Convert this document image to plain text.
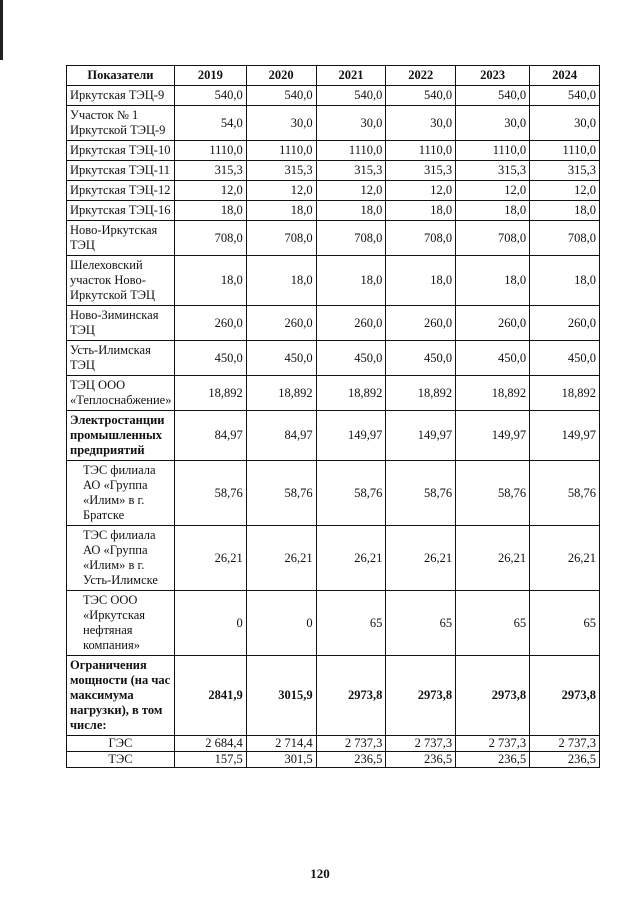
Показатели	2019	2020	2021	2022	2023	2024
Иркутская ТЭЦ-9	540,0	540,0	540,0	540,0	540,0	540,0
Участок № 1 Иркутской ТЭЦ-9	54,0	30,0	30,0	30,0	30,0	30,0
Иркутская ТЭЦ-10	1110,0	1110,0	1110,0	1110,0	1110,0	1110,0
Иркутская ТЭЦ-11	315,3	315,3	315,3	315,3	315,3	315,3
Иркутская ТЭЦ-12	12,0	12,0	12,0	12,0	12,0	12,0
Иркутская ТЭЦ-16	18,0	18,0	18,0	18,0	18,0	18,0
Ново-Иркутская ТЭЦ	708,0	708,0	708,0	708,0	708,0	708,0
Шелеховский участок Ново-Иркутской ТЭЦ	18,0	18,0	18,0	18,0	18,0	18,0
Ново-Зиминская ТЭЦ	260,0	260,0	260,0	260,0	260,0	260,0
Усть-Илимская ТЭЦ	450,0	450,0	450,0	450,0	450,0	450,0
ТЭЦ ООО «Теплоснабжение»	18,892	18,892	18,892	18,892	18,892	18,892
Электростанции промышленных предприятий	84,97	84,97	149,97	149,97	149,97	149,97
ТЭС филиала АО «Группа «Илим» в г. Братске	58,76	58,76	58,76	58,76	58,76	58,76
ТЭС филиала АО «Группа «Илим» в г. Усть-Илимске	26,21	26,21	26,21	26,21	26,21	26,21
ТЭС ООО «Иркутская нефтяная компания»	0	0	65	65	65	65
Ограничения мощности (на час максимума нагрузки), в том числе:	2841,9	3015,9	2973,8	2973,8	2973,8	2973,8
ГЭС	2 684,4	2 714,4	2 737,3	2 737,3	2 737,3	2 737,3
ТЭС	157,5	301,5	236,5	236,5	236,5	236,5
120
